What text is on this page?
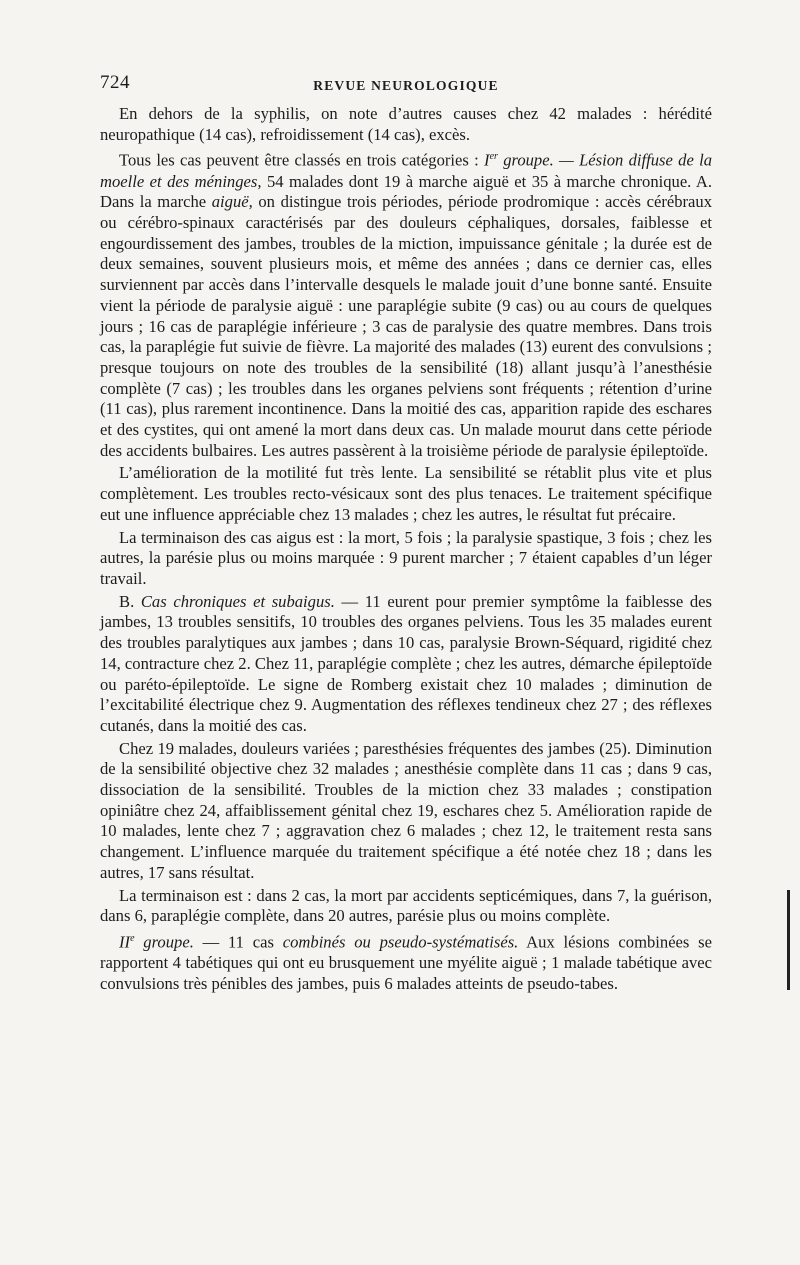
724	REVUE NEUROLOGIQUE

En dehors de la syphilis, on note d’autres causes chez 42 malades : hérédité neuropathique (14 cas), refroidissement (14 cas), excès.

Tous les cas peuvent être classés en trois catégories : Ier groupe. — Lésion diffuse de la moelle et des méninges, 54 malades dont 19 à marche aiguë et 35 à marche chronique. A. Dans la marche aiguë, on distingue trois périodes, période prodromique : accès cérébraux ou cérébro-spinaux caractérisés par des douleurs céphaliques, dorsales, faiblesse et engourdissement des jambes, troubles de la miction, impuissance génitale ; la durée est de deux semaines, souvent plusieurs mois, et même des années ; dans ce dernier cas, elles surviennent par accès dans l’intervalle desquels le malade jouit d’une bonne santé. Ensuite vient la période de paralysie aiguë : une paraplégie subite (9 cas) ou au cours de quelques jours ; 16 cas de paraplégie inférieure ; 3 cas de paralysie des quatre membres. Dans trois cas, la paraplégie fut suivie de fièvre. La majorité des malades (13) eurent des convulsions ; presque toujours on note des troubles de la sensibilité (18) allant jusqu’à l’anesthésie complète (7 cas) ; les troubles dans les organes pelviens sont fréquents ; rétention d’urine (11 cas), plus rarement incontinence. Dans la moitié des cas, apparition rapide des eschares et des cystites, qui ont amené la mort dans deux cas. Un malade mourut dans cette période des accidents bulbaires. Les autres passèrent à la troisième période de paralysie épileptoïde.

L’amélioration de la motilité fut très lente. La sensibilité se rétablit plus vite et plus complètement. Les troubles recto-vésicaux sont des plus tenaces. Le traitement spécifique eut une influence appréciable chez 13 malades ; chez les autres, le résultat fut précaire.

La terminaison des cas aigus est : la mort, 5 fois ; la paralysie spastique, 3 fois ; chez les autres, la parésie plus ou moins marquée : 9 purent marcher ; 7 étaient capables d’un léger travail.

B. Cas chroniques et subaigus. — 11 eurent pour premier symptôme la faiblesse des jambes, 13 troubles sensitifs, 10 troubles des organes pelviens. Tous les 35 malades eurent des troubles paralytiques aux jambes ; dans 10 cas, paralysie Brown-Séquard, rigidité chez 14, contracture chez 2. Chez 11, paraplégie complète ; chez les autres, démarche épileptoïde ou paréto-épileptoïde. Le signe de Romberg existait chez 10 malades ; diminution de l’excitabilité électrique chez 9. Augmentation des réflexes tendineux chez 27 ; des réflexes cutanés, dans la moitié des cas.

Chez 19 malades, douleurs variées ; paresthésies fréquentes des jambes (25). Diminution de la sensibilité objective chez 32 malades ; anesthésie complète dans 11 cas ; dans 9 cas, dissociation de la sensibilité. Troubles de la miction chez 33 malades ; constipation opiniâtre chez 24, affaiblissement génital chez 19, eschares chez 5. Amélioration rapide de 10 malades, lente chez 7 ; aggravation chez 6 malades ; chez 12, le traitement resta sans changement. L’influence marquée du traitement spécifique a été notée chez 18 ; dans les autres, 17 sans résultat.

La terminaison est : dans 2 cas, la mort par accidents septicémiques, dans 7, la guérison, dans 6, paraplégie complète, dans 20 autres, parésie plus ou moins complète.

IIe groupe. — 11 cas combinés ou pseudo-systématisés. Aux lésions combinées se rapportent 4 tabétiques qui ont eu brusquement une myélite aiguë ; 1 malade tabétique avec convulsions très pénibles des jambes, puis 6 malades atteints de pseudo-tabes.
